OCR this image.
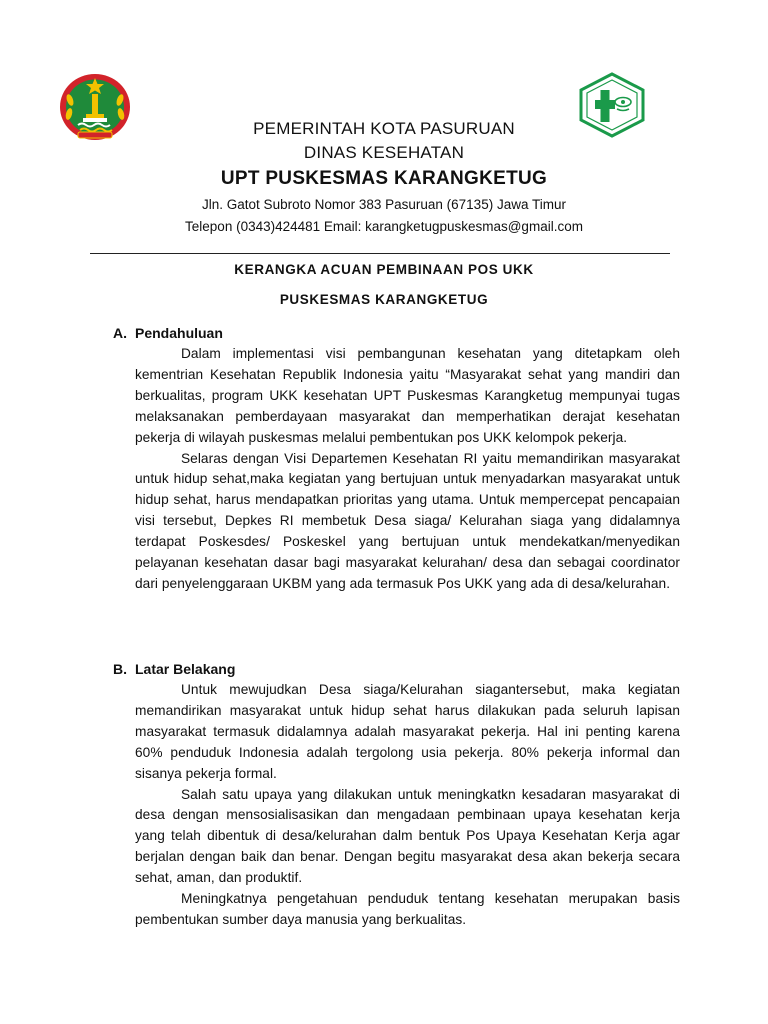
PEMERINTAH KOTA PASURUAN

DINAS KESEHATAN

UPT PUSKESMAS KARANGKETUG

Jln. Gatot Subroto Nomor 383 Pasuruan (67135) Jawa Timur

Telepon (0343)424481 Email: karangketugpuskesmas@gmail.com

KERANGKA ACUAN PEMBINAAN POS UKK

PUSKESMAS KARANGKETUG

A. Pendahuluan

Dalam implementasi visi pembangunan kesehatan yang ditetapkam oleh kementrian Kesehatan Republik Indonesia yaitu “Masyarakat sehat yang mandiri dan berkualitas, program UKK kesehatan UPT Puskesmas Karangketug mempunyai tugas melaksanakan pemberdayaan masyarakat dan memperhatikan derajat kesehatan pekerja di wilayah puskesmas melalui pembentukan pos UKK kelompok pekerja.

Selaras dengan Visi Departemen Kesehatan RI yaitu memandirikan masyarakat untuk hidup sehat,maka kegiatan yang bertujuan untuk menyadarkan masyarakat untuk hidup sehat, harus mendapatkan prioritas yang utama. Untuk mempercepat pencapaian visi tersebut, Depkes RI membetuk Desa siaga/ Kelurahan siaga yang didalamnya terdapat Poskesdes/ Poskeskel yang bertujuan untuk mendekatkan/menyedikan pelayanan kesehatan dasar bagi masyarakat kelurahan/ desa dan sebagai coordinator dari penyelenggaraan UKBM yang ada termasuk Pos UKK yang ada di desa/kelurahan.

B. Latar Belakang

Untuk mewujudkan Desa siaga/Kelurahan siagantersebut, maka kegiatan memandirikan masyarakat untuk hidup sehat harus dilakukan pada seluruh lapisan masyarakat termasuk didalamnya adalah masyarakat pekerja. Hal ini penting karena 60% penduduk Indonesia adalah tergolong usia pekerja. 80% pekerja informal dan sisanya pekerja formal.

Salah satu upaya yang dilakukan untuk meningkatkn kesadaran masyarakat di desa dengan mensosialisasikan dan mengadaan pembinaan upaya kesehatan kerja yang telah dibentuk di desa/kelurahan dalm bentuk Pos Upaya Kesehatan Kerja agar berjalan dengan baik dan benar. Dengan begitu masyarakat desa akan bekerja secara sehat, aman, dan produktif.

Meningkatnya pengetahuan penduduk tentang kesehatan merupakan basis pembentukan sumber daya manusia yang berkualitas.
